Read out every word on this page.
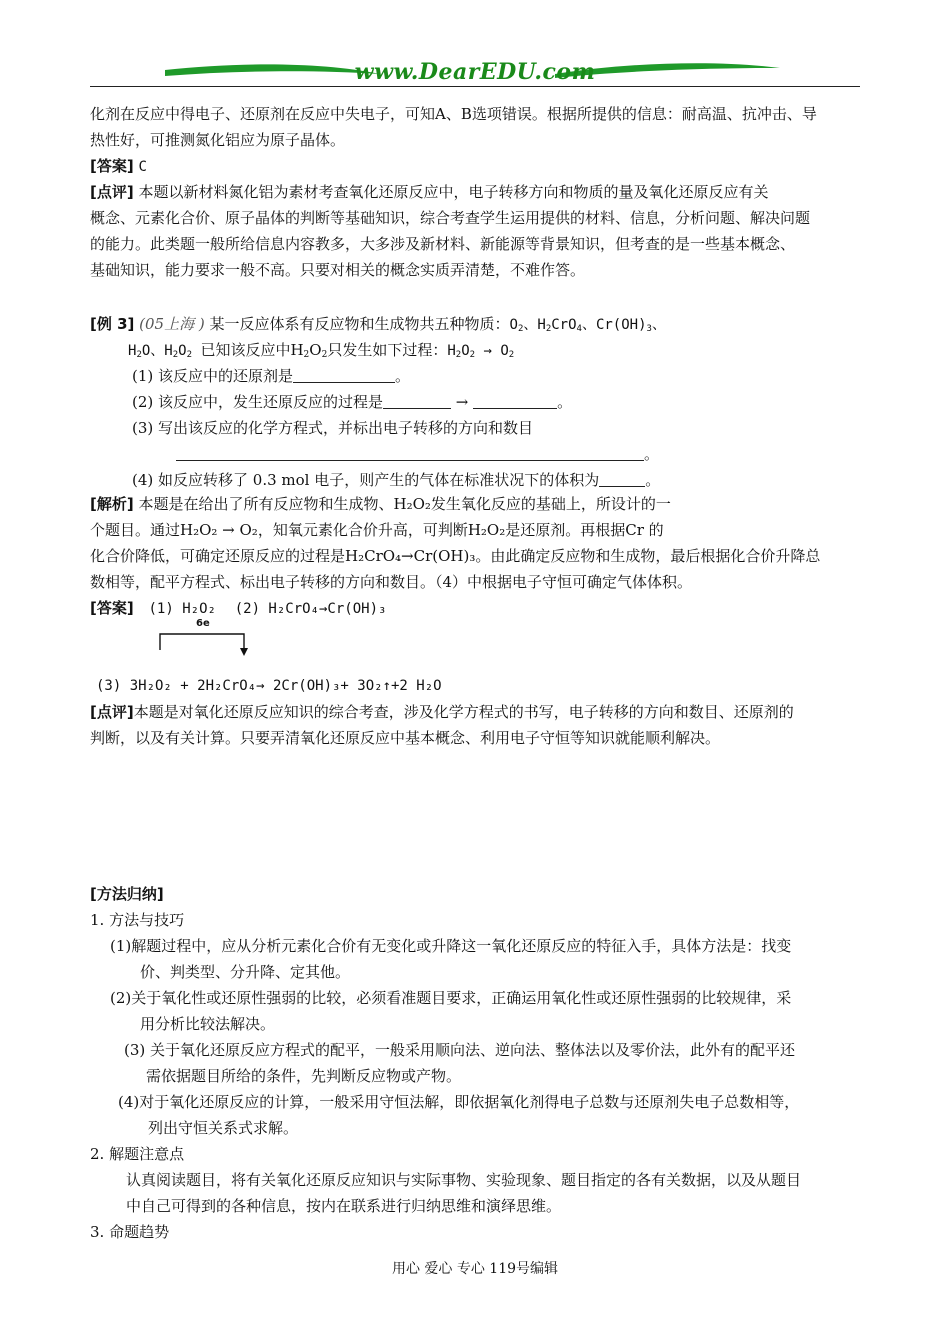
www.DearEDU.com
化剂在反应中得电子、还原剂在反应中失电子，可知A、B选项错误。根据所提供的信息：耐高温、抗冲击、导
热性好，可推测氮化铝应为原子晶体。
[答案] C
[点评] 本题以新材料氮化铝为素材考查氧化还原反应中，电子转移方向和物质的量及氧化还原反应有关
概念、元素化合价、原子晶体的判断等基础知识，综合考查学生运用提供的材料、信息，分析问题、解决问题
的能力。此类题一般所给信息内容教多，大多涉及新材料、新能源等背景知识，但考查的是一些基本概念、
基础知识，能力要求一般不高。只要对相关的概念实质弄清楚，不难作答。
[例 3] (05上海 ) 某一反应体系有反应物和生成物共五种物质：$O_2$、$H_2CrO_4$、$Cr(OH)_3$、
$H_2O$、$H_2O_2$ 已知该反应中$H_2O_2$只发生如下过程：$H_2O_2 \to O_2$
(1) 该反应中的还原剂是	。
(2) 该反应中，发生还原反应的过程是	→	。
(3) 写出该反应的化学方程式，并标出电子转移的方向和数目
。
(4) 如反应转移了 0.3 mol 电子，则产生的气体在标准状况下的体积为	。
[解析] 本题是在给出了所有反应物和生成物、H₂O₂发生氧化反应的基础上，所设计的一
个题目。通过H₂O₂ → O₂，知氧元素化合价升高，可判断H₂O₂是还原剂。再根据Cr 的
化合价降低，可确定还原反应的过程是H₂CrO₄→Cr(OH)₃。由此确定反应物和生成物，最后根据化合价升降总
数相等，配平方程式、标出电子转移的方向和数目。（4）中根据电子守恒可确定气体体积。
[答案] (1) H₂O₂ (2) H₂CrO₄→Cr(OH)₃
6e
(3) 3H₂O₂ + 2H₂CrO₄→ 2Cr(OH)₃+ 3O₂↑+2 H₂O
[点评]本题是对氧化还原反应知识的综合考查，涉及化学方程式的书写，电子转移的方向和数目、还原剂的
判断，以及有关计算。只要弄清氧化还原反应中基本概念、利用电子守恒等知识就能顺利解决。
[方法归纳]
1. 方法与技巧
(1)解题过程中，应从分析元素化合价有无变化或升降这一氧化还原反应的特征入手，具体方法是：找变
价、判类型、分升降、定其他。
(2)关于氧化性或还原性强弱的比较，必须看准题目要求，正确运用氧化性或还原性强弱的比较规律，采
用分析比较法解决。
(3) 关于氧化还原反应方程式的配平，一般采用顺向法、逆向法、整体法以及零价法，此外有的配平还
需依据题目所给的条件，先判断反应物或产物。
(4)对于氧化还原反应的计算，一般采用守恒法解，即依据氧化剂得电子总数与还原剂失电子总数相等，
列出守恒关系式求解。
2. 解题注意点
认真阅读题目，将有关氧化还原反应知识与实际事物、实验现象、题目指定的各有关数据，以及从题目
中自己可得到的各种信息，按内在联系进行归纳思维和演绎思维。
3. 命题趋势
用心 爱心 专心 119号编辑
